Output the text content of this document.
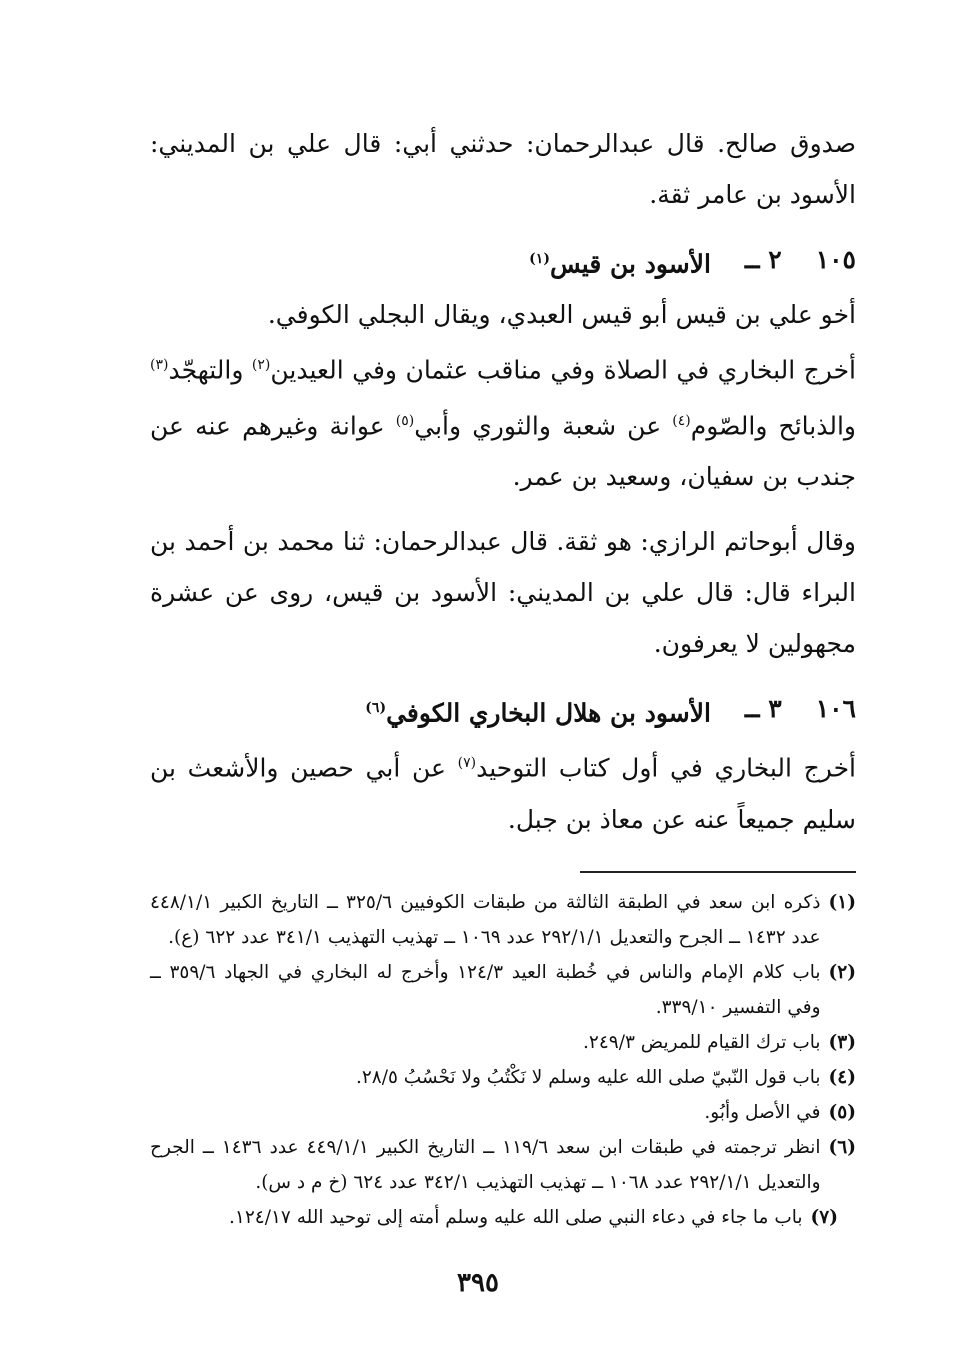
صدوق صالح. قال عبدالرحمان: حدثني أبي: قال علي بن المديني: الأسود بن عامر ثقة.

١٠٥
٢ ــ
الأسود بن قيس$^{(١)}$

أخو علي بن قيس أبو قيس العبدي، ويقال البجلي الكوفي.

أخرج البخاري في الصلاة وفي مناقب عثمان وفي العيدين$^{(٢)}$ والتهجّد$^{(٣)}$ والذبائح والصّوم$^{(٤)}$ عن شعبة والثوري وأبي$^{(٥)}$ عوانة وغيرهم عنه عن جندب بن سفيان، وسعيد بن عمر.

وقال أبوحاتم الرازي: هو ثقة. قال عبدالرحمان: ثنا محمد بن أحمد بن البراء قال: قال علي بن المديني: الأسود بن قيس، روى عن عشرة مجهولين لا يعرفون.

١٠٦
٣ ــ
الأسود بن هلال البخاري الكوفي$^{(٦)}$

أخرج البخاري في أول كتاب التوحيد$^{(٧)}$ عن أبي حصين والأشعث بن سليم جميعاً عنه عن معاذ بن جبل.

(١)
ذكره ابن سعد في الطبقة الثالثة من طبقات الكوفيين ٣٢٥/٦ ــ التاريخ الكبير ٤٤٨/١/١ عدد ١٤٣٢ ــ الجرح والتعديل ٢٩٢/١/١ عدد ١٠٦٩ ــ تهذيب التهذيب ٣٤١/١ عدد ٦٢٢ (ع).
(٢)
باب كلام الإمام والناس في خُطبة العيد ١٢٤/٣ وأخرج له البخاري في الجهاد ٣٥٩/٦ ــ وفي التفسير ٣٣٩/١٠.
(٣)
باب ترك القيام للمريض ٢٤٩/٣.
(٤)
باب قول النّبيّ صلى الله عليه وسلم لا نَكْتُبُ ولا نَحْسُبُ ٢٨/٥.
(٥)
في الأصل وأبُو.
(٦)
انظر ترجمته في طبقات ابن سعد ١١٩/٦ ــ التاريخ الكبير ٤٤٩/١/١ عدد ١٤٣٦ ــ الجرح والتعديل ٢٩٢/١/١ عدد ١٠٦٨ ــ تهذيب التهذيب ٣٤٢/١ عدد ٦٢٤ (خ م د س).
(٧)
باب ما جاء في دعاء النبي صلى الله عليه وسلم أمته إلى توحيد الله ١٢٤/١٧.
٣٩٥
